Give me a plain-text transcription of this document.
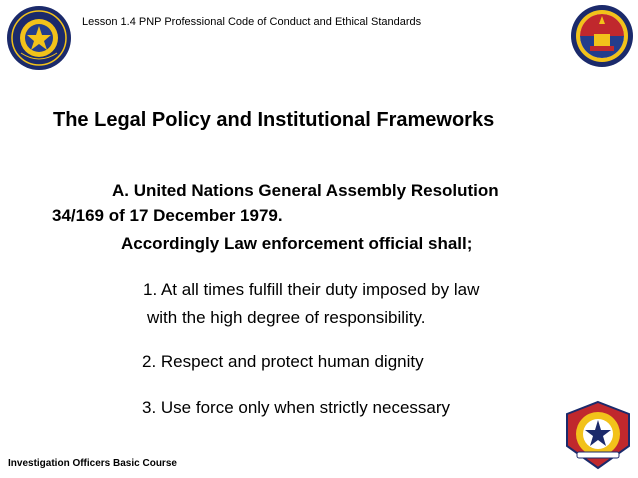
Lesson 1.4 PNP Professional Code of Conduct and Ethical Standards
The Legal Policy and Institutional Frameworks
A. United Nations General Assembly Resolution
34/169 of 17 December 1979.
Accordingly Law enforcement official shall;
1. At all times fulfill their duty imposed by law
with the high degree of responsibility.
2. Respect and protect human dignity
3. Use force only when strictly necessary
Investigation Officers Basic Course
